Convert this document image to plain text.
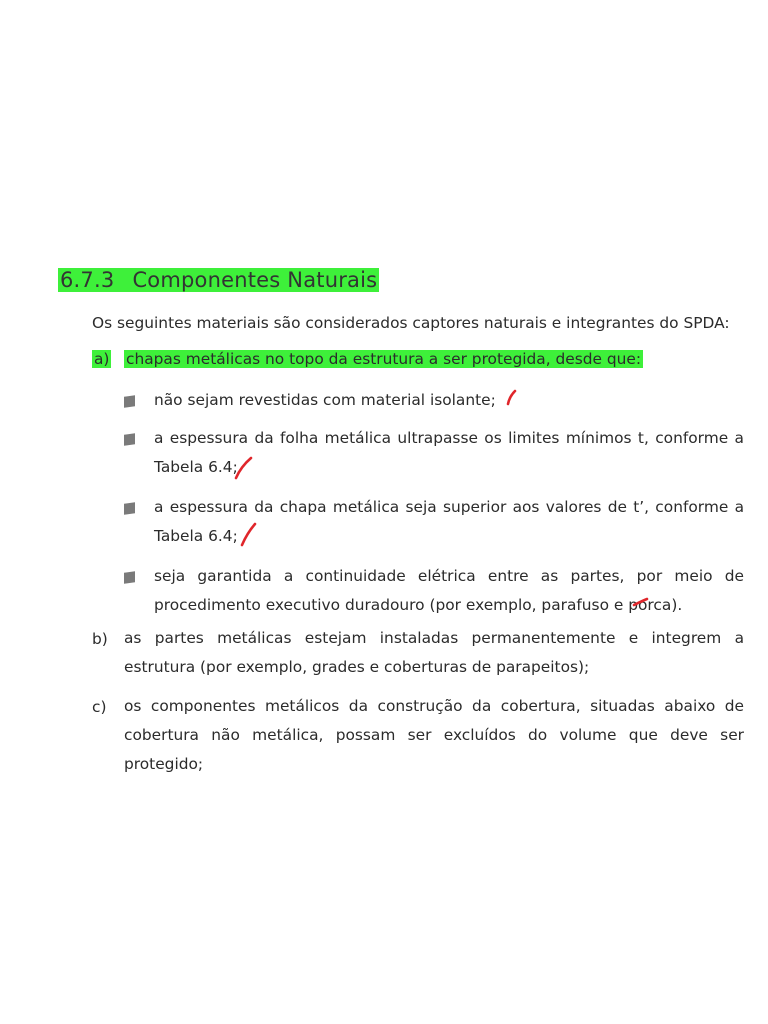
6.7.3 Componentes Naturais
Os seguintes materiais são considerados captores naturais e integrantes do SPDA:
a) chapas metálicas no topo da estrutura a ser protegida, desde que:
não sejam revestidas com material isolante;
a espessura da folha metálica ultrapasse os limites mínimos t, conforme a Tabela 6.4;
a espessura da chapa metálica seja superior aos valores de t’, conforme a Tabela 6.4;
seja garantida a continuidade elétrica entre as partes, por meio de procedimento executivo duradouro (por exemplo, parafuso e porca).
b) as partes metálicas estejam instaladas permanentemente e integrem a estrutura (por exemplo, grades e coberturas de parapeitos);
c) os componentes metálicos da construção da cobertura, situadas abaixo de cobertura não metálica, possam ser excluídos do volume que deve ser protegido;
